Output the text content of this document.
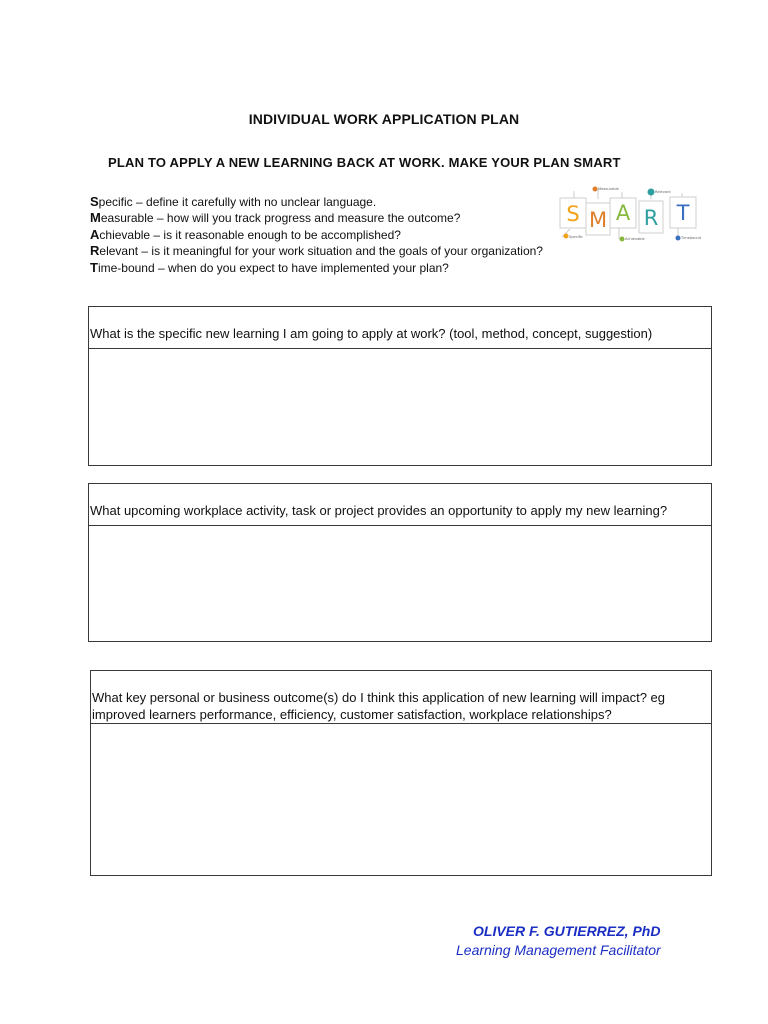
INDIVIDUAL WORK APPLICATION PLAN
PLAN TO APPLY A NEW LEARNING BACK AT WORK. MAKE YOUR PLAN SMART
Specific – define it carefully with no unclear language.
Measurable – how will you track progress and measure the outcome?
Achievable – is it reasonable enough to be accomplished?
Relevant – is it meaningful for your work situation and the goals of your organization?
Time-bound – when do you expect to have implemented your plan?
S M A R T
Specific
Measurable
Achievable
Relevant
Timebound
What is the specific new learning I am going to apply at work? (tool, method, concept, suggestion)
What upcoming workplace activity, task or project provides an opportunity to apply my new learning?
What key personal or business outcome(s) do I think this application of new learning will impact? eg improved learners performance, efficiency, customer satisfaction, workplace relationships?
OLIVER F. GUTIERREZ, PhD
Learning Management Facilitator
